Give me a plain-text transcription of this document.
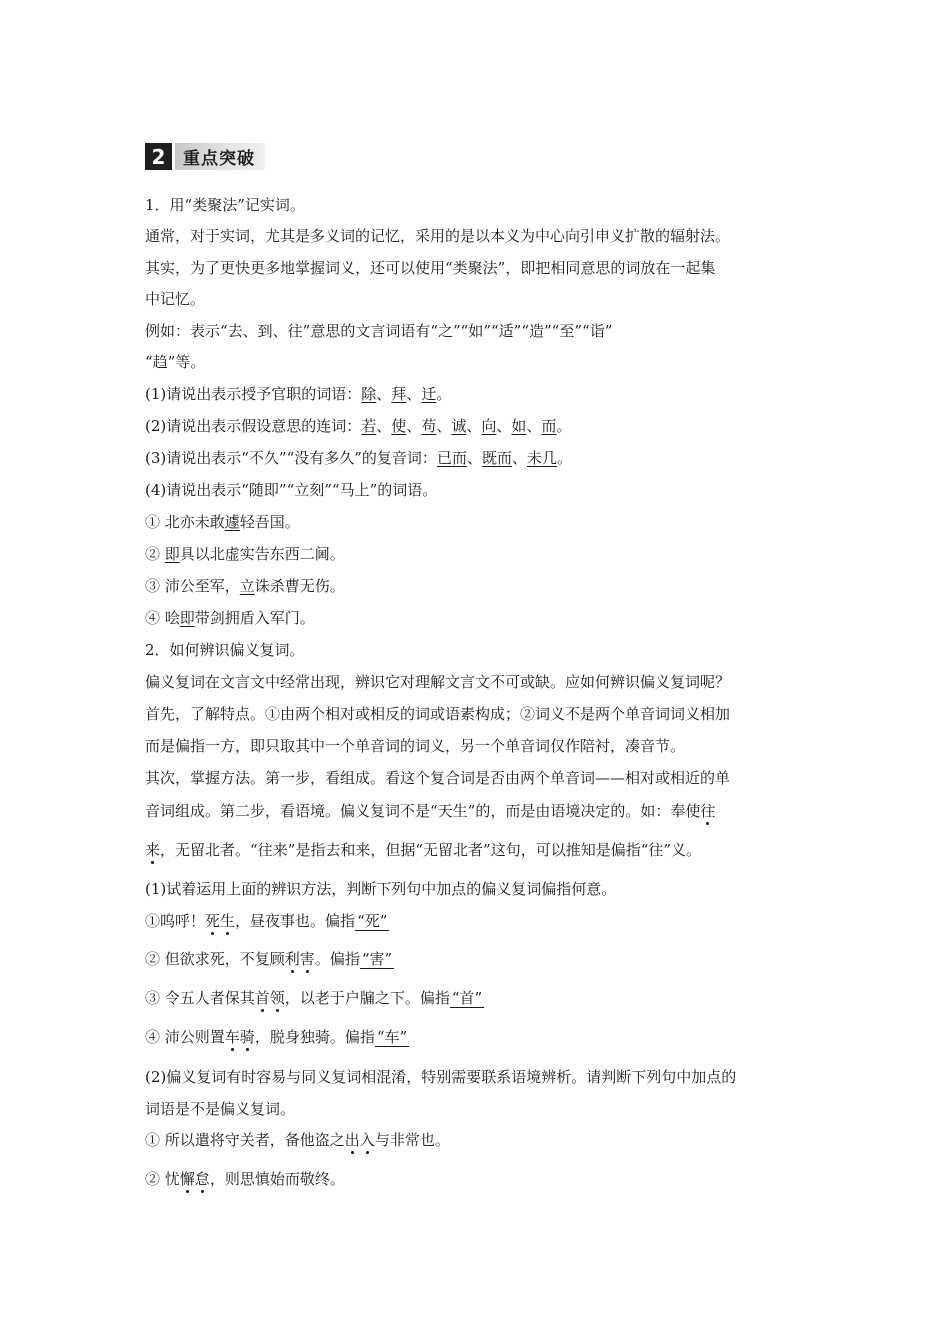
2	重点突破
1．用“类聚法”记实词。
通常，对于实词，尤其是多义词的记忆，采用的是以本义为中心向引申义扩散的辐射法。
其实，为了更快更多地掌握词义，还可以使用“类聚法”，即把相同意思的词放在一起集
中记忆。
例如：表示“去、到、往”意思的文言词语有“之”“如”“适”“造”“至”“诣”
“趋”等。
(1)请说出表示授予官职的词语：除、拜、迁。
(2)请说出表示假设意思的连词：若、使、苟、诚、向、如、而。
(3)请说出表示“不久”“没有多久”的复音词：已而、既而、未几。
(4)请说出表示“随即”“立刻”“马上”的词语。
① 北亦未敢遽轻吾国。
② 即具以北虚实告东西二阃。
③ 沛公至军，立诛杀曹无伤。
④ 哙即带剑拥盾入军门。
2．如何辨识偏义复词。
偏义复词在文言文中经常出现，辨识它对理解文言文不可或缺。应如何辨识偏义复词呢？
首先，了解特点。①由两个相对或相反的词或语素构成；②词义不是两个单音词词义相加
而是偏指一方，即只取其中一个单音词的词义，另一个单音词仅作陪衬，凑音节。
其次，掌握方法。第一步，看组成。看这个复合词是否由两个单音词——相对或相近的单
音词组成。第二步，看语境。偏义复词不是“天生”的，而是由语境决定的。如：奉使往
来，无留北者。“往来”是指去和来，但据“无留北者”这句，可以推知是偏指“往”义。
(1)试着运用上面的辨识方法，判断下列句中加点的偏义复词偏指何意。
①呜呼！死生，昼夜事也。偏指 “死”
② 但欲求死，不复顾利害。偏指 “害”
③ 令五人者保其首领，以老于户牖之下。偏指 “首”
④ 沛公则置车骑，脱身独骑。偏指 “车”
(2)偏义复词有时容易与同义复词相混淆，特别需要联系语境辨析。请判断下列句中加点的
词语是不是偏义复词。
① 所以遣将守关者，备他盗之出入与非常也。
② 忧懈怠，则思慎始而敬终。
